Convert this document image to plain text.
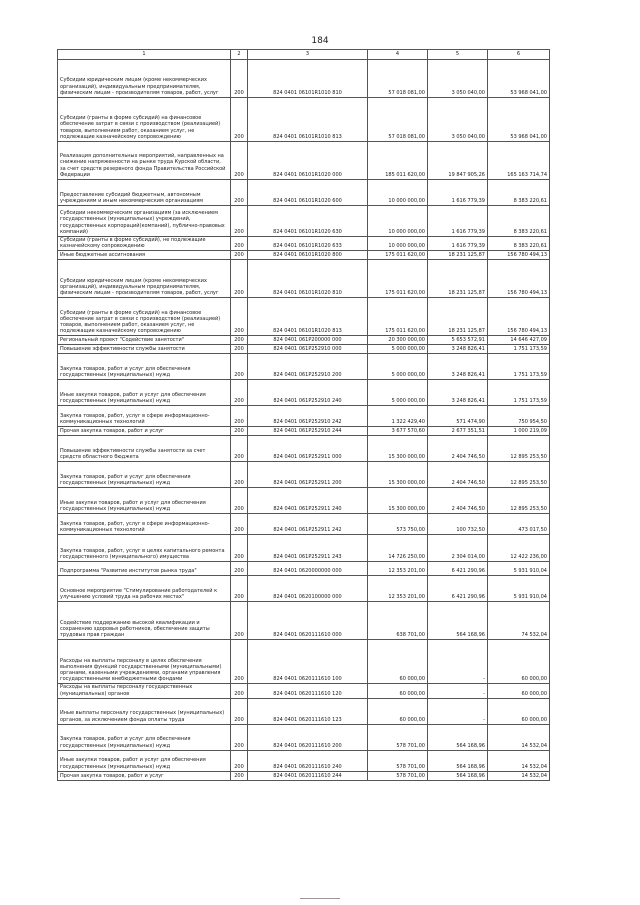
184
1	2	3	4	5	6
Субсидии юридическим лицам (кроме некоммерческих организаций), индивидуальным предпринимателям, физическим лицам - производителям товаров, работ, услуг	200	824 0401 06101R1010 810	57 018 081,00	3 050 040,00	53 968 041,00
Субсидии (гранты в форме субсидий) на финансовое обеспечение затрат в связи с производством (реализацией) товаров, выполнением работ, оказанием услуг, не подлежащие казначейскому сопровождению	200	824 0401 06101R1010 813	57 018 081,00	3 050 040,00	53 968 041,00
Реализация дополнительных мероприятий, направленных на снижение напряженности на рынке труда Курской области, за счет средств резервного фонда Правительства Российской Федерации	200	824 0401 06101R1020 000	185 011 620,00	19 847 905,26	165 163 714,74
Предоставление субсидий бюджетным, автономным учреждениям и иным некоммерческим организациям	200	824 0401 06101R1020 600	10 000 000,00	1 616 779,39	8 383 220,61
Субсидии некоммерческим организациям (за исключением государственных (муниципальных) учреждений, государственных корпораций(компаний), публично-правовых компаний)	200	824 0401 06101R1020 630	10 000 000,00	1 616 779,39	8 383 220,61
Субсидии (гранты в форме субсидий), не подлежащие казначейскому сопровождению	200	824 0401 06101R1020 633	10 000 000,00	1 616 779,39	8 383 220,61
Иные бюджетные ассигнования	200	824 0401 06101R1020 800	175 011 620,00	18 231 125,87	156 780 494,13
Субсидии юридическим лицам (кроме некоммерческих организаций), индивидуальным предпринимателям, физическим лицам - производителям товаров, работ, услуг	200	824 0401 06101R1020 810	175 011 620,00	18 231 125,87	156 780 494,13
Субсидии (гранты в форме субсидий) на финансовое обеспечение затрат в связи с производством (реализацией) товаров, выполнением работ, оказанием услуг, не подлежащие казначейскому сопровождению	200	824 0401 06101R1020 813	175 011 620,00	18 231 125,87	156 780 494,13
Региональный проект "Содействие занятости"	200	824 0401 061P200000 000	20 300 000,00	5 653 572,91	14 646 427,09
Повышение эффективности службы занятости	200	824 0401 061P252910 000	5 000 000,00	3 248 826,41	1 751 173,59
Закупка товаров, работ и услуг для обеспечения государственных (муниципальных) нужд	200	824 0401 061P252910 200	5 000 000,00	3 248 826,41	1 751 173,59
Иные закупки товаров, работ и услуг для обеспечения государственных (муниципальных) нужд	200	824 0401 061P252910 240	5 000 000,00	3 248 826,41	1 751 173,59
Закупка товаров, работ, услуг в сфере информационно-коммуникационных технологий	200	824 0401 061P252910 242	1 322 429,40	571 474,90	750 954,50
Прочая закупка товаров, работ и услуг	200	824 0401 061P252910 244	3 677 570,60	2 677 351,51	1 000 219,09
Повышение эффективности службы занятости за счет средств областного бюджета	200	824 0401 061P252911 000	15 300 000,00	2 404 746,50	12 895 253,50
Закупка товаров, работ и услуг для обеспечения государственных (муниципальных) нужд	200	824 0401 061P252911 200	15 300 000,00	2 404 746,50	12 895 253,50
Иные закупки товаров, работ и услуг для обеспечения государственных (муниципальных) нужд	200	824 0401 061P252911 240	15 300 000,00	2 404 746,50	12 895 253,50
Закупка товаров, работ, услуг в сфере информационно-коммуникационных технологий	200	824 0401 061P252911 242	573 750,00	100 732,50	473 017,50
Закупка товаров, работ, услуг в целях капитального ремонта государственного (муниципального) имущества	200	824 0401 061P252911 243	14 726 250,00	2 304 014,00	12 422 236,00
Подпрограмма "Развитие институтов рынка труда"	200	824 0401 0620000000 000	12 353 201,00	6 421 290,96	5 931 910,04
Основное мероприятие "Стимулирование работодателей к улучшению условий труда на рабочих местах"	200	824 0401 0620100000 000	12 353 201,00	6 421 290,96	5 931 910,04
Содействие поддержанию высокой квалификации и сохранению здоровья работников, обеспечение защиты трудовых прав граждан	200	824 0401 0620111610 000	638 701,00	564 168,96	74 532,04
Расходы на выплаты персоналу в целях обеспечения выполнения функций государственными (муниципальными) органами, казенными учреждениями, органами управления государственными внебюджетными фондами	200	824 0401 0620111610 100	60 000,00	-	60 000,00
Расходы на выплаты персоналу государственных (муниципальных) органов	200	824 0401 0620111610 120	60 000,00	-	60 000,00
Иные выплаты персоналу государственных (муниципальных) органов, за исключением фонда оплаты труда	200	824 0401 0620111610 123	60 000,00	-	60 000,00
Закупка товаров, работ и услуг для обеспечения государственных (муниципальных) нужд	200	824 0401 0620111610 200	578 701,00	564 168,96	14 532,04
Иные закупки товаров, работ и услуг для обеспечения государственных (муниципальных) нужд	200	824 0401 0620111610 240	578 701,00	564 168,96	14 532,04
Прочая закупка товаров, работ и услуг	200	824 0401 0620111610 244	578 701,00	564 168,96	14 532,04
